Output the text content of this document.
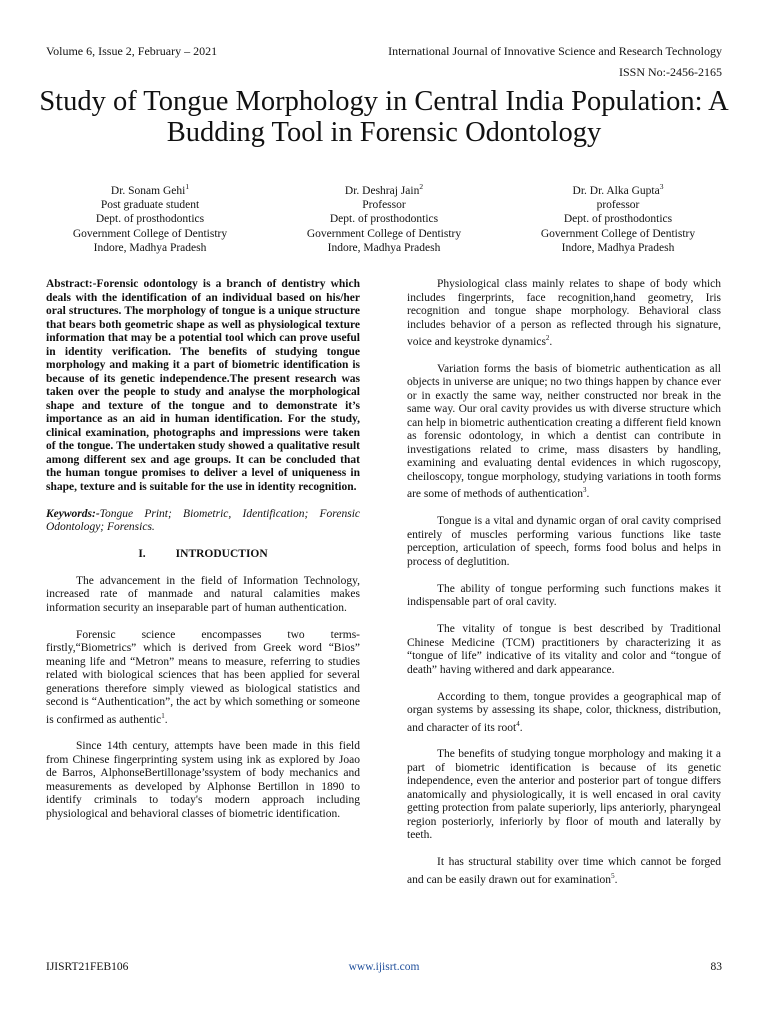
Volume 6, Issue 2, February – 2021	International Journal of Innovative Science and Research Technology
ISSN No:-2456-2165
Study of Tongue Morphology in Central India Population: A Budding Tool in Forensic Odontology
Dr. Sonam Gehi$^1$
Post graduate student
Dept. of prosthodontics
Government College of Dentistry
Indore, Madhya Pradesh
Dr. Deshraj Jain$^2$
Professor
Dept. of prosthodontics
Government College of Dentistry
Indore, Madhya Pradesh
Dr. Dr. Alka Gupta$^3$
professor
Dept. of prosthodontics
Government College of Dentistry
Indore, Madhya Pradesh

Abstract:-Forensic odontology is a branch of dentistry which deals with the identification of an individual based on his/her oral structures. The morphology of tongue is a unique structure that bears both geometric shape as well as physiological texture information that may be a potential tool which can prove useful in identity verification. The benefits of studying tongue morphology and making it a part of biometric identification is because of its genetic independence.The present research was taken over the people to study and analyse the morphological shape and texture of the tongue and to demonstrate it’s importance as an aid in human identification. For the study, clinical examination, photographs and impressions were taken of the tongue. The undertaken study showed a qualitative result among different sex and age groups. It can be concluded that the human tongue promises to deliver a level of uniqueness in shape, texture and is suitable for the use in identity recognition.

Keywords:-Tongue Print; Biometric, Identification; Forensic Odontology; Forensics.

I.	INTRODUCTION

The advancement in the field of Information Technology, increased rate of manmade and natural calamities makes information security an inseparable part of human authentication.

Forensic science encompasses two terms- firstly,“Biometrics” which is derived from Greek word “Bios” meaning life and “Metron” means to measure, referring to studies related with biological sciences that has been applied for several generations therefore simply viewed as biological statistics and second is “Authentication”, the act by which something or someone is confirmed as authentic$^1$.

Since 14th century, attempts have been made in this field from Chinese fingerprinting system using ink as explored by Joao de Barros, AlphonseBertillonage’ssystem of body mechanics and measurements as developed by Alphonse Bertillon in 1890 to identify criminals to today's modern approach including physiological and behavioral classes of biometric identification.

Physiological class mainly relates to shape of body which includes fingerprints, face recognition,hand geometry, Iris recognition and tongue shape morphology. Behavioral class includes behavior of a person as reflected through his signature, voice and keystroke dynamics$^2$.

Variation forms the basis of biometric authentication as all objects in universe are unique; no two things happen by chance ever or in exactly the same way, neither constructed nor break in the same way. Our oral cavity provides us with diverse structure which can help in biometric authentication creating a different field known as forensic odontology, in which a dentist can contribute in investigations related to crime, mass disasters by handling, examining and evaluating dental evidences in which rugoscopy, cheiloscopy, tongue morphology, studying variations in tooth forms are some of methods of authentication$^3$.

Tongue is a vital and dynamic organ of oral cavity comprised entirely of muscles performing various functions like taste perception, articulation of speech, forms food bolus and helps in process of deglutition.

The ability of tongue performing such functions makes it indispensable part of oral cavity.

The vitality of tongue is best described by Traditional Chinese Medicine (TCM) practitioners by characterizing it as “tongue of life” indicative of its vitality and color and “tongue of death” having withered and dark appearance.

According to them, tongue provides a geographical map of organ systems by assessing its shape, color, thickness, distribution, and character of its root$^4$.

The benefits of studying tongue morphology and making it a part of biometric identification is because of its genetic independence, even the anterior and posterior part of tongue differs anatomically and physiologically, it is well encased in oral cavity getting protection from palate superiorly, lips anteriorly, pharyngeal region posteriorly, inferiorly by floor of mouth and laterally by teeth.

It has structural stability over time which cannot be forged and can be easily drawn out for examination$^5$.

IJISRT21FEB106	www.ijisrt.com	83
